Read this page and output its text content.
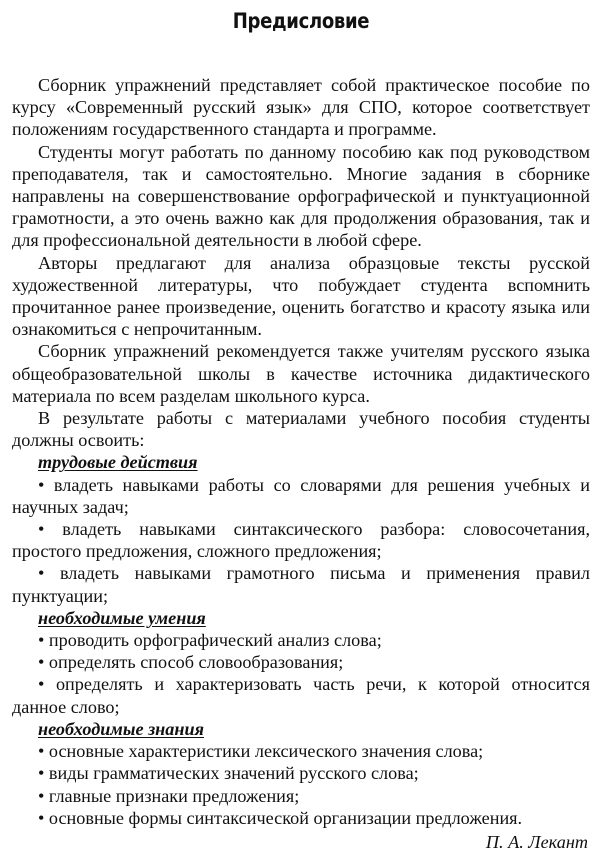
Предисловие

Сборник упражнений представляет собой практическое пособие по курсу «Современный русский язык» для СПО, которое соответствует положениям государственного стандарта и программе.

Студенты могут работать по данному пособию как под руководством преподавателя, так и самостоятельно. Многие задания в сборнике направлены на совершенствование орфографической и пунктуационной грамотности, а это очень важно как для продолжения образования, так и для профессиональной деятельности в любой сфере.

Авторы предлагают для анализа образцовые тексты русской художественной литературы, что побуждает студента вспомнить прочитанное ранее произведение, оценить богатство и красоту языка или ознакомиться с непрочитанным.

Сборник упражнений рекомендуется также учителям русского языка общеобразовательной школы в качестве источника дидактического материала по всем разделам школьного курса.

В результате работы с материалами учебного пособия студенты должны освоить:

трудовые действия
• владеть навыками работы со словарями для решения учебных и научных задач;
• владеть навыками синтаксического разбора: словосочетания, простого предложения, сложного предложения;
• владеть навыками грамотного письма и применения правил пунктуации;
необходимые умения
• проводить орфографический анализ слова;
• определять способ словообразования;
• определять и характеризовать часть речи, к которой относится данное слово;
необходимые знания
• основные характеристики лексического значения слова;
• виды грамматических значений русского слова;
• главные признаки предложения;
• основные формы синтаксической организации предложения.
П. А. Лекант
